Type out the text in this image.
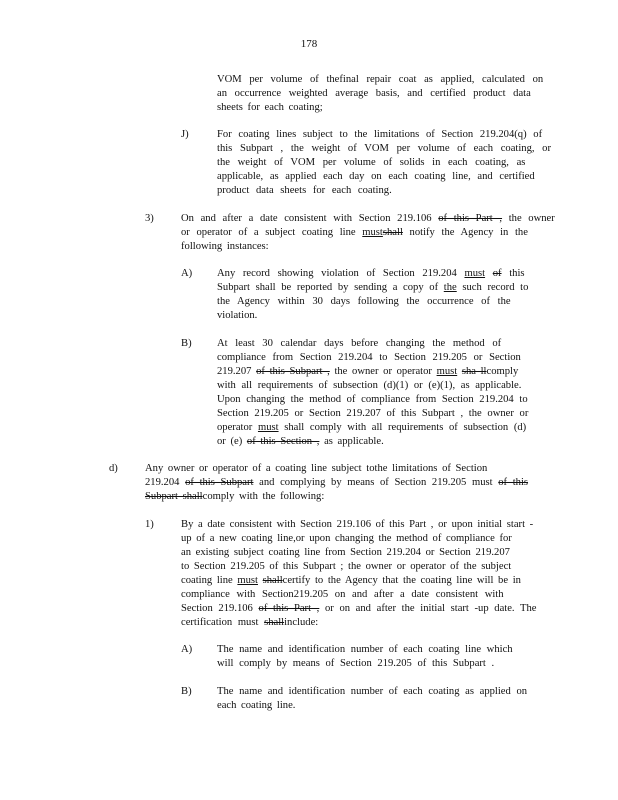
178
VOM per volume of thefinal repair coat as applied, calculated on
an occurrence weighted average basis, and certified product data
sheets for each coating;
J)	For coating lines subject to the limitations of Section 219.204(q) of
this Subpart , the weight of VOM per volume of each coating, or
the weight of VOM per volume of solids in each coating, as
applicable, as applied each day on each coating line, and certified
product data sheets for each coating.
3)	On and after a date consistent with Section 219.106 of this Part , the owner
or operator of a subject coating line mustshall notify the Agency in the
following instances:
A) Any record showing violation of Section 219.204 must of this
Subpart shall be reported by sending a copy of the such record to
the Agency within 30 days following the occurrence of the
violation.
B) At least 30 calendar days before changing the method of
compliance from Section 219.204 to Section 219.205 or Section
219.207 of this Subpart , the owner or operator must sha llcomply
with all requirements of subsection (d)(1) or (e)(1), as applicable.
Upon changing the method of compliance from Section 219.204 to
Section 219.205 or Section 219.207 of this Subpart , the owner or
operator must shall comply with all requirements of subsection (d)
or (e) of this Section , as applicable.
d)	Any owner or operator of a coating line subject tothe limitations of Section
219.204 of this Subpart and complying by means of Section 219.205 must of this
Subpart shallcomply with the following:
1)	By a date consistent with Section 219.106 of this Part , or upon initial start -
up of a new coating line,or upon changing the method of compliance for
an existing subject coating line from Section 219.204 or Section 219.207
to Section 219.205 of this Subpart ; the owner or operator of the subject
coating line must shallcertify to the Agency that the coating line will be in
compliance with Section219.205 on and after a date consistent with
Section 219.106 of this Part , or on and after the initial start -up date. The
certification must shallinclude:
A) The name and identification number of each coating line which
will comply by means of Section 219.205 of this Subpart .
B) The name and identification number of each coating as applied on
each coating line.
